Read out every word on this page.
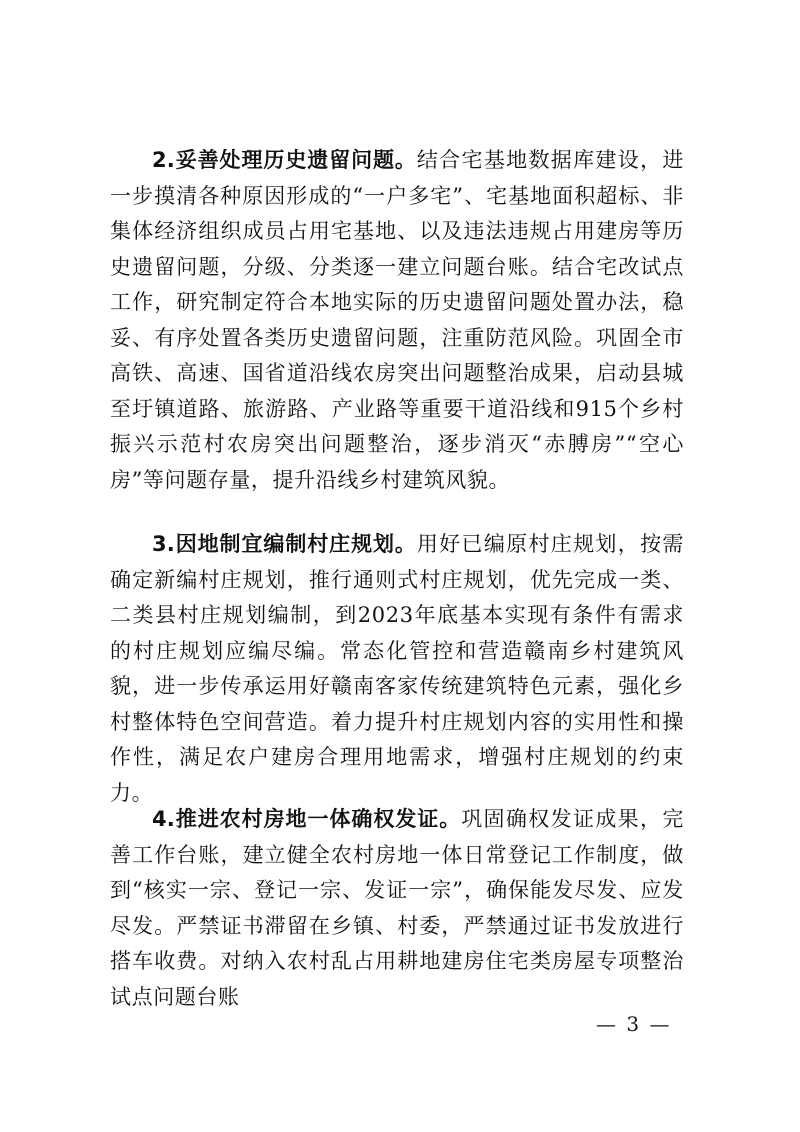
2.妥善处理历史遗留问题。结合宅基地数据库建设，进一步摸清各种原因形成的“一户多宅”、宅基地面积超标、非集体经济组织成员占用宅基地、以及违法违规占用建房等历史遗留问题，分级、分类逐一建立问题台账。结合宅改试点工作，研究制定符合本地实际的历史遗留问题处置办法，稳妥、有序处置各类历史遗留问题，注重防范风险。巩固全市高铁、高速、国省道沿线农房突出问题整治成果，启动县城至圩镇道路、旅游路、产业路等重要干道沿线和915个乡村振兴示范村农房突出问题整治，逐步消灭“赤膊房”“空心房”等问题存量，提升沿线乡村建筑风貌。

3.因地制宜编制村庄规划。用好已编原村庄规划，按需确定新编村庄规划，推行通则式村庄规划，优先完成一类、二类县村庄规划编制，到2023年底基本实现有条件有需求的村庄规划应编尽编。常态化管控和营造赣南乡村建筑风貌，进一步传承运用好赣南客家传统建筑特色元素，强化乡村整体特色空间营造。着力提升村庄规划内容的实用性和操作性，满足农户建房合理用地需求，增强村庄规划的约束力。

4.推进农村房地一体确权发证。巩固确权发证成果，完善工作台账，建立健全农村房地一体日常登记工作制度，做到“核实一宗、登记一宗、发证一宗”，确保能发尽发、应发尽发。严禁证书滞留在乡镇、村委，严禁通过证书发放进行搭车收费。对纳入农村乱占用耕地建房住宅类房屋专项整治试点问题台账

— 3 —
